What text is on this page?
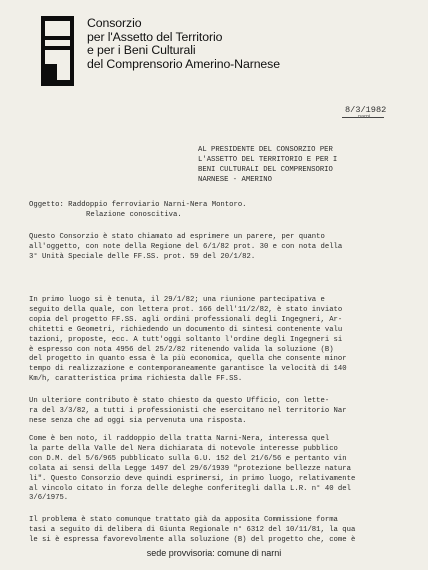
Consorzio
per l'Assetto del Territorio
e per i Beni Culturali
del Comprensorio Amerino-Narnese
8/3/1982
narni
AL PRESIDENTE DEL CONSORZIO PER
L'ASSETTO DEL TERRITORIO E PER I
BENI CULTURALI DEL COMPRENSORIO
NARNESE - AMERINO
Oggetto: Raddoppio ferroviario Narni-Nera Montoro.
Relazione conoscitiva.
Questo Consorzio è stato chiamato ad esprimere un parere, per quanto
all'oggetto, con note della Regione del 6/1/82 prot. 30 e con nota della
3° Unità Speciale delle FF.SS. prot. 59 del 20/1/82.
In primo luogo si è tenuta, il 29/1/82; una riunione partecipativa e
seguito della quale, con lettera prot. 166 dell'11/2/82, è stato inviato
copia del progetto FF.SS. agli ordini professionali degli Ingegneri, Ar-
chitetti e Geometri, richiedendo un documento di sintesi contenente valu
tazioni, proposte, ecc. A tutt'oggi soltanto l'ordine degli Ingegneri si
è espresso con nota 4956 del 25/2/82 ritenendo valida la soluzione (B)
del progetto in quanto essa è la più economica, quella che consente minor
tempo di realizzazione e contemporaneamente garantisce la velocità di 140
Km/h, caratteristica prima richiesta dalle FF.SS.
Un ulteriore contributo è stato chiesto da questo Ufficio, con lette-
ra del 3/3/82, a tutti i professionisti che esercitano nel territorio Nar
nese senza che ad oggi sia pervenuta una risposta.
Come è ben noto, il raddoppio della tratta Narni-Nera, interessa quel
la parte della Valle del Nera dichiarata di notevole interesse pubblico
con D.M. del 5/6/965 pubblicato sulla G.U. 152 del 21/6/56 e pertanto vin
colata ai sensi della Legge 1497 del 29/6/1939 "protezione bellezze natura
li". Questo Consorzio deve quindi esprimersi, in primo luogo, relativamente
al vincolo citato in forza delle deleghe conferitegli dalla L.R. n° 40 del
3/6/1975.
Il problema è stato comunque trattato già da apposita Commissione forma
tasi a seguito di delibera di Giunta Regionale n° 6312 del 10/11/81, la qua
le si è espressa favorevolmente alla soluzione (B) del progetto che, come è
sede provvisoria: comune di narni
